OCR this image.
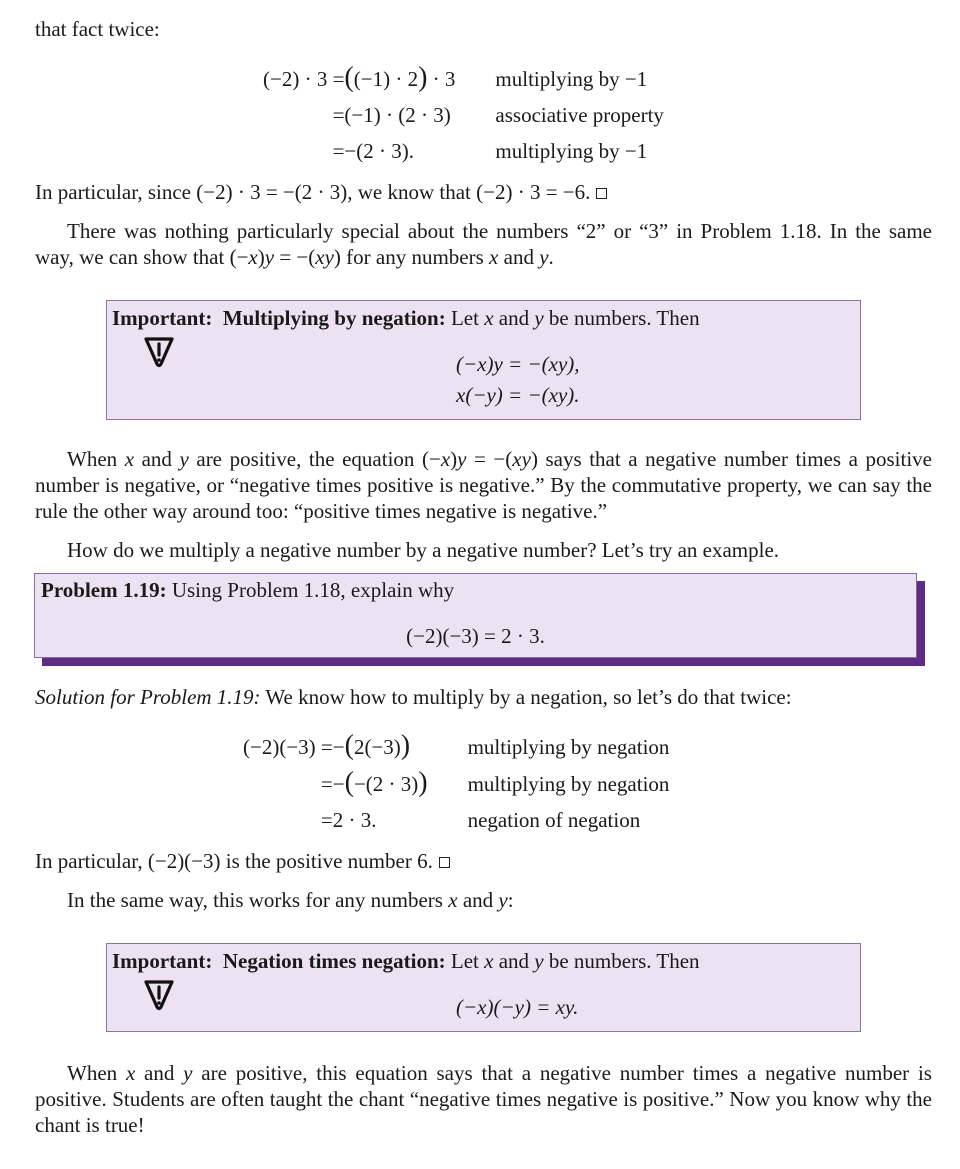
that fact twice:

(−2) · 3 =	((−1) · 2) · 3	multiplying by −1
=	(−1) · (2 · 3)	associative property
=	−(2 · 3).	multiplying by −1

In particular, since (−2) · 3 = −(2 · 3), we know that (−2) · 3 = −6.

There was nothing particularly special about the numbers “2” or “3” in Problem 1.18. In the same way, we can show that (−x)y = −(xy) for any numbers x and y.

Important: Multiplying by negation: Let x and y be numbers. Then
(−x)y = −(xy),
x(−y) = −(xy).

When x and y are positive, the equation (−x)y = −(xy) says that a negative number times a positive number is negative, or “negative times positive is negative.” By the commutative property, we can say the rule the other way around too: “positive times negative is negative.”

How do we multiply a negative number by a negative number? Let’s try an example.

Problem 1.19: Using Problem 1.18, explain why
(−2)(−3) = 2 · 3.

Solution for Problem 1.19: We know how to multiply by a negation, so let’s do that twice:

(−2)(−3) =	−(2(−3))	multiplying by negation
=	−(−(2 · 3))	multiplying by negation
=	2 · 3.	negation of negation

In particular, (−2)(−3) is the positive number 6.

In the same way, this works for any numbers x and y:

Important: Negation times negation: Let x and y be numbers. Then
(−x)(−y) = xy.

When x and y are positive, this equation says that a negative number times a negative number is positive. Students are often taught the chant “negative times negative is positive.” Now you know why the chant is true!
